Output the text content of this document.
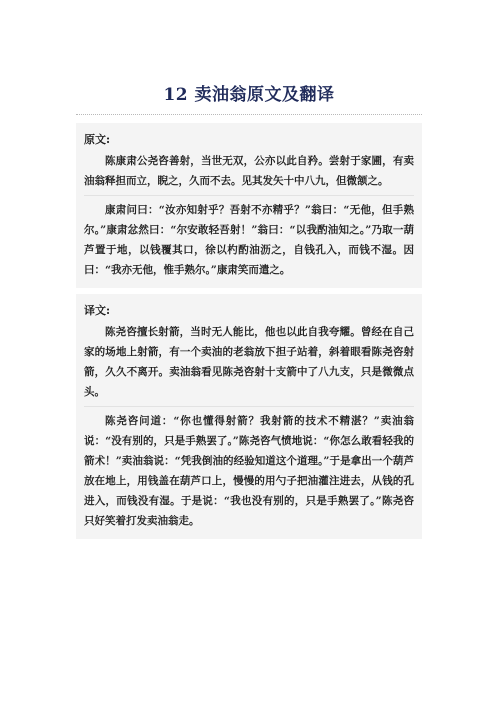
12 卖油翁原文及翻译
原文:

陈康肃公尧咨善射，当世无双，公亦以此自矜。尝射于家圃，有卖油翁释担而立，睨之，久而不去。见其发矢十中八九，但微颔之。

康肃问曰：“汝亦知射乎？吾射不亦精乎？”翁曰：“无他，但手熟尔。”康肃忿然曰：“尔安敢轻吾射！”翁曰：“以我酌油知之。”乃取一葫芦置于地，以钱覆其口，徐以杓酌油沥之，自钱孔入，而钱不湿。因曰：“我亦无他，惟手熟尔。”康肃笑而遣之。

译文:

陈尧咨擅长射箭，当时无人能比，他也以此自我夸耀。曾经在自己家的场地上射箭，有一个卖油的老翁放下担子站着，斜着眼看陈尧咨射箭，久久不离开。卖油翁看见陈尧咨射十支箭中了八九支，只是微微点头。

陈尧咨问道：“你也懂得射箭？我射箭的技术不精湛？”卖油翁说：“没有别的，只是手熟罢了。”陈尧咨气愤地说：“你怎么敢看轻我的箭术！”卖油翁说：“凭我倒油的经验知道这个道理。”于是拿出一个葫芦放在地上，用钱盖在葫芦口上，慢慢的用勺子把油灌注进去，从钱的孔进入，而钱没有湿。于是说：“我也没有别的，只是手熟罢了。”陈尧咨只好笑着打发卖油翁走。
